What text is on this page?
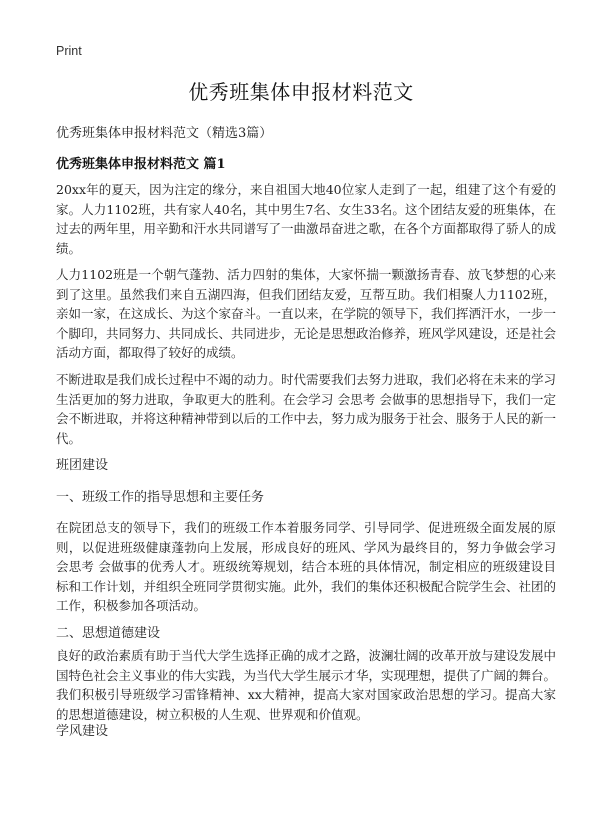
Print
优秀班集体申报材料范文
优秀班集体申报材料范文（精选3篇）
优秀班集体申报材料范文 篇1
20xx年的夏天，因为注定的缘分，来自祖国大地40位家人走到了一起，组建了这个有爱的家。人力1102班，共有家人40名，其中男生7名、女生33名。这个团结友爱的班集体，在过去的两年里，用辛勤和汗水共同谱写了一曲激昂奋进之歌，在各个方面都取得了骄人的成绩。
人力1102班是一个朝气蓬勃、活力四射的集体，大家怀揣一颗激扬青春、放飞梦想的心来到了这里。虽然我们来自五湖四海，但我们团结友爱，互帮互助。我们相聚人力1102班，亲如一家，在这成长、为这个家奋斗。一直以来，在学院的领导下，我们挥洒汗水，一步一个脚印，共同努力、共同成长、共同进步，无论是思想政治修养，班风学风建设，还是社会活动方面，都取得了较好的成绩。
不断进取是我们成长过程中不竭的动力。时代需要我们去努力进取，我们必将在未来的学习生活更加的努力进取，争取更大的胜利。在会学习 会思考 会做事的思想指导下，我们一定会不断进取，并将这种精神带到以后的工作中去，努力成为服务于社会、服务于人民的新一代。
班团建设
一、班级工作的指导思想和主要任务
在院团总支的领导下，我们的班级工作本着服务同学、引导同学、促进班级全面发展的原则，以促进班级健康蓬勃向上发展，形成良好的班风、学风为最终目的，努力争做会学习 会思考 会做事的优秀人才。班级统筹规划，结合本班的具体情况，制定相应的班级建设目标和工作计划，并组织全班同学贯彻实施。此外，我们的集体还积极配合院学生会、社团的工作，积极参加各项活动。
二、思想道德建设
良好的政治素质有助于当代大学生选择正确的成才之路，波澜壮阔的改革开放与建设发展中国特色社会主义事业的伟大实践，为当代大学生展示才华，实现理想，提供了广阔的舞台。我们积极引导班级学习雷锋精神、xx大精神，提高大家对国家政治思想的学习。提高大家的思想道德建设，树立积极的人生观、世界观和价值观。
学风建设
